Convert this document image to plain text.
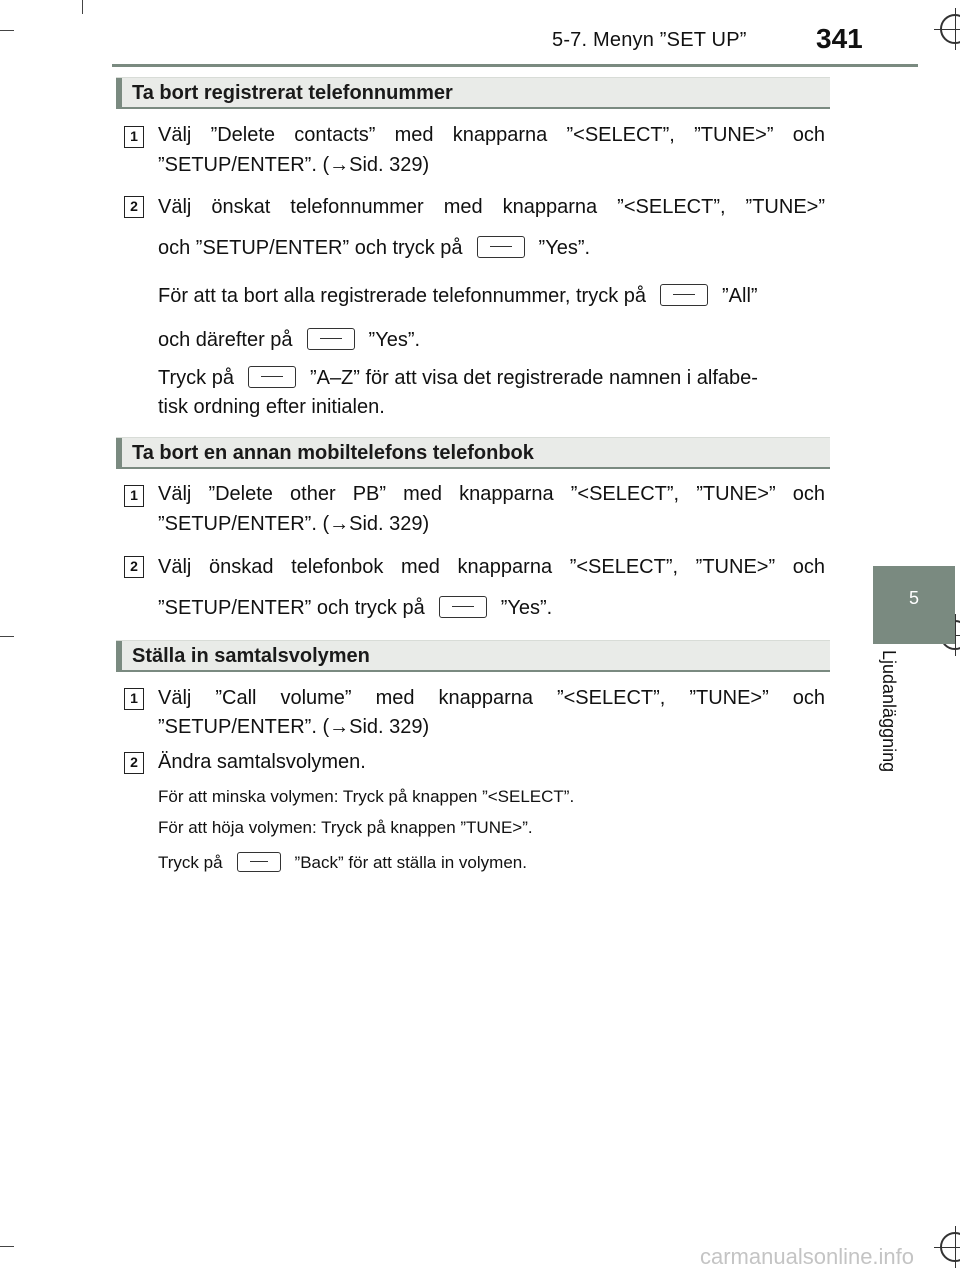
5-7. Menyn ”SET UP” 341
5
Ljudanläggning
Ta bort registrerat telefonnummer
1	Välj ”Delete contacts” med knapparna ”<SELECT”, ”TUNE>” och
”SETUP/ENTER”. (→Sid. 329)
2	Välj önskat telefonnummer med knapparna ”<SELECT”, ”TUNE>”
och ”SETUP/ENTER” och tryck på	”Yes”.
För att ta bort alla registrerade telefonnummer, tryck på	”All”
och därefter på	”Yes”.
Tryck på	”A–Z” för att visa det registrerade namnen i alfabe-
tisk ordning efter initialen.
Ta bort en annan mobiltelefons telefonbok
1	Välj ”Delete other PB” med knapparna ”<SELECT”, ”TUNE>” och
”SETUP/ENTER”. (→Sid. 329)
2	Välj önskad telefonbok med knapparna ”<SELECT”, ”TUNE>” och
”SETUP/ENTER” och tryck på	”Yes”.
Ställa in samtalsvolymen
1	Välj ”Call volume” med knapparna ”<SELECT”, ”TUNE>” och
”SETUP/ENTER”. (→Sid. 329)
2	Ändra samtalsvolymen.
För att minska volymen: Tryck på knappen ”<SELECT”.
För att höja volymen: Tryck på knappen ”TUNE>”.
Tryck på	”Back” för att ställa in volymen.
carmanualsonline.info
